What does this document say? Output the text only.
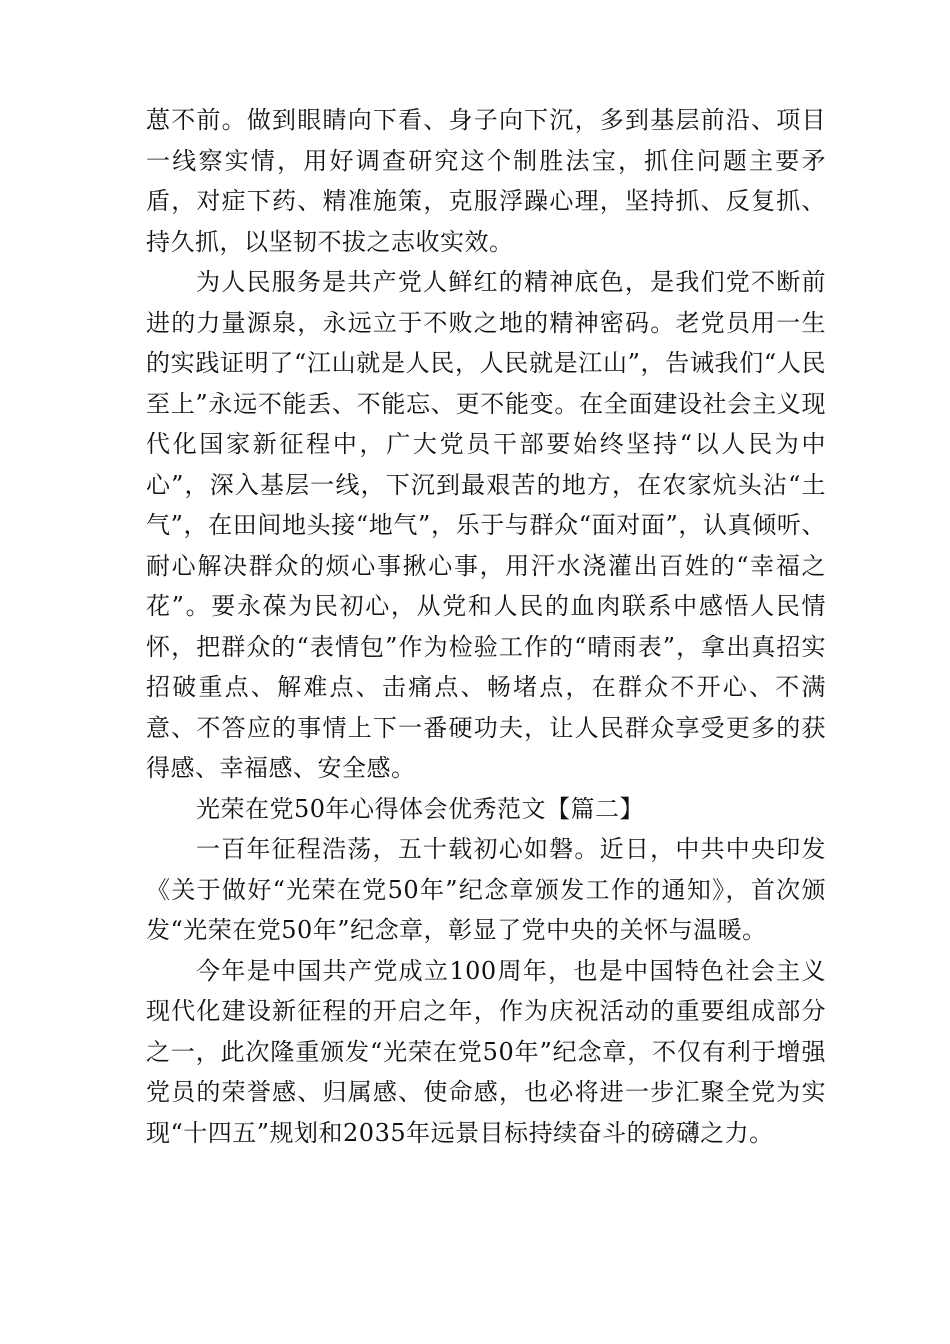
葸不前。做到眼睛向下看、身子向下沉，多到基层前沿、项目一线察实情，用好调查研究这个制胜法宝，抓住问题主要矛盾，对症下药、精准施策，克服浮躁心理，坚持抓、反复抓、持久抓，以坚韧不拔之志收实效。

为人民服务是共产党人鲜红的精神底色，是我们党不断前进的力量源泉，永远立于不败之地的精神密码。老党员用一生的实践证明了“江山就是人民，人民就是江山”，告诫我们“人民至上”永远不能丢、不能忘、更不能变。在全面建设社会主义现代化国家新征程中，广大党员干部要始终坚持“以人民为中心”，深入基层一线，下沉到最艰苦的地方，在农家炕头沾“土气”，在田间地头接“地气”，乐于与群众“面对面”，认真倾听、耐心解决群众的烦心事揪心事，用汗水浇灌出百姓的“幸福之花”。要永葆为民初心，从党和人民的血肉联系中感悟人民情怀，把群众的“表情包”作为检验工作的“晴雨表”，拿出真招实招破重点、解难点、击痛点、畅堵点，在群众不开心、不满意、不答应的事情上下一番硬功夫，让人民群众享受更多的获得感、幸福感、安全感。

光荣在党50年心得体会优秀范文【篇二】

一百年征程浩荡，五十载初心如磐。近日，中共中央印发《关于做好“光荣在党50年”纪念章颁发工作的通知》，首次颁发“光荣在党50年”纪念章，彰显了党中央的关怀与温暖。

今年是中国共产党成立100周年，也是中国特色社会主义现代化建设新征程的开启之年，作为庆祝活动的重要组成部分之一，此次隆重颁发“光荣在党50年”纪念章，不仅有利于增强党员的荣誉感、归属感、使命感，也必将进一步汇聚全党为实现“十四五”规划和2035年远景目标持续奋斗的磅礴之力。
